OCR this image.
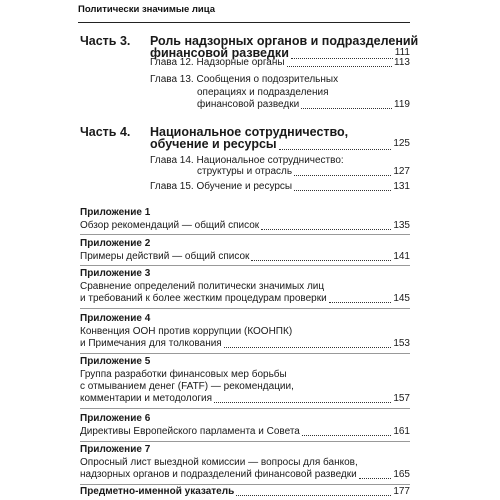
Политически значимые лица
Часть 3. Роль надзорных органов и подразделений
финансовой разведки	111
Глава 12. Надзорные органы	113
Глава 13. Сообщения о подозрительных
операциях и подразделения
финансовой разведки	119
Часть 4. Национальное сотрудничество,
обучение и ресурсы	125
Глава 14. Национальное сотрудничество:
структуры и отрасль	127
Глава 15. Обучение и ресурсы	131
Приложение 1
Обзор рекомендаций — общий список	135
Приложение 2
Примеры действий — общий список	141
Приложение 3
Сравнение определений политически значимых лиц
и требований к более жестким процедурам проверки	145
Приложение 4
Конвенция ООН против коррупции (КООНПК)
и Примечания для толкования	153
Приложение 5
Группа разработки финансовых мер борьбы
с отмыванием денег (FATF) — рекомендации,
комментарии и методология	157
Приложение 6
Директивы Европейского парламента и Совета	161
Приложение 7
Опросный лист выездной комиссии — вопросы для банков,
надзорных органов и подразделений финансовой разведки	165
Предметно-именной указатель	177
